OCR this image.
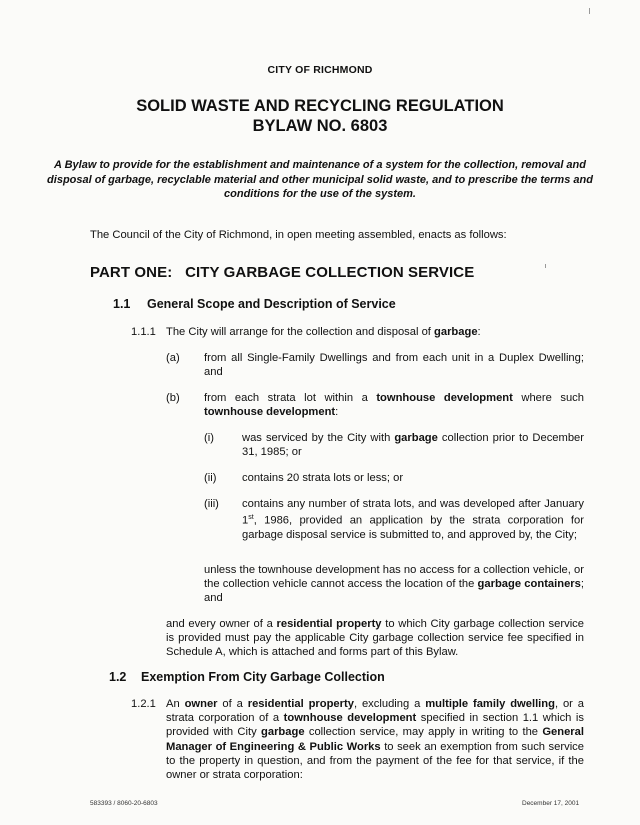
CITY OF RICHMOND
SOLID WASTE AND RECYCLING REGULATION
BYLAW NO. 6803
A Bylaw to provide for the establishment and maintenance of a system for the collection, removal and disposal of garbage, recyclable material and other municipal solid waste, and to prescribe the terms and conditions for the use of the system.
The Council of the City of Richmond, in open meeting assembled, enacts as follows:
PART ONE:   CITY GARBAGE COLLECTION SERVICE
1.1 General Scope and Description of Service
1.1.1 The City will arrange for the collection and disposal of garbage:
(a) from all Single-Family Dwellings and from each unit in a Duplex Dwelling; and
(b) from each strata lot within a townhouse development where such townhouse development:
(i)	was serviced by the City with garbage collection prior to December 31, 1985; or
(ii) contains 20 strata lots or less; or
(iii) contains any number of strata lots, and was developed after January 1st, 1986, provided an application by the strata corporation for garbage disposal service is submitted to, and approved by, the City;
unless the townhouse development has no access for a collection vehicle, or the collection vehicle cannot access the location of the garbage containers; and
and every owner of a residential property to which City garbage collection service is provided must pay the applicable City garbage collection service fee specified in Schedule A, which is attached and forms part of this Bylaw.
1.2 Exemption From City Garbage Collection
1.2.1 An owner of a residential property, excluding a multiple family dwelling, or a strata corporation of a townhouse development specified in section 1.1 which is provided with City garbage collection service, may apply in writing to the General Manager of Engineering & Public Works to seek an exemption from such service to the property in question, and from the payment of the fee for that service, if the owner or strata corporation:
583393 / 8060-20-6803	December 17, 2001
